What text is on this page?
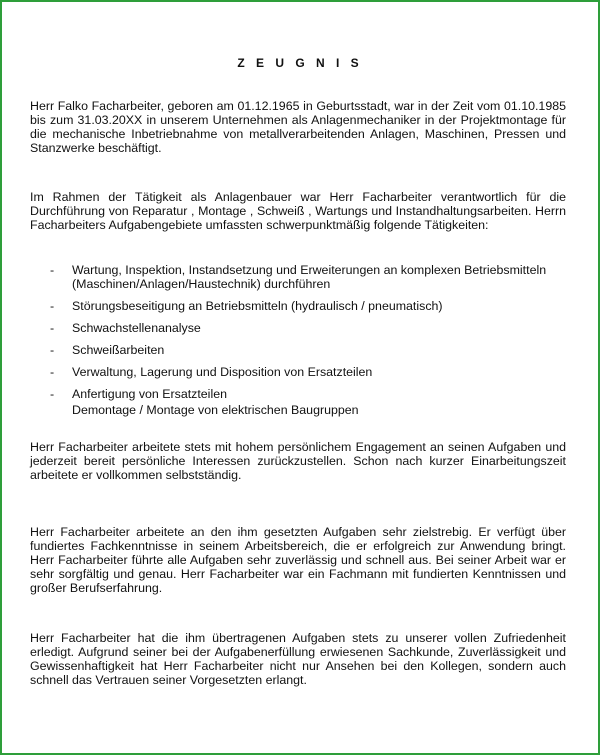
Z E U G N I S

Herr Falko Facharbeiter, geboren am 01.12.1965 in Geburtsstadt, war in der Zeit vom 01.10.1985 bis zum 31.03.20XX in unserem Unternehmen als Anlagenmechaniker in der Projektmontage für die mechanische Inbetriebnahme von metallverarbeitenden Anlagen, Maschinen, Pressen und Stanzwerke beschäftigt.

Im Rahmen der Tätigkeit als Anlagenbauer war Herr Facharbeiter verantwortlich für die Durchführung von Reparatur , Montage , Schweiß , Wartungs und Instandhaltungsarbeiten. Herrn Facharbeiters Aufgabengebiete umfassten schwerpunktmäßig folgende Tätigkeiten:

- Wartung, Inspektion, Instandsetzung und Erweiterungen an komplexen Betriebsmitteln (Maschinen/Anlagen/Haustechnik) durchführen
- Störungsbeseitigung an Betriebsmitteln (hydraulisch / pneumatisch)
- Schwachstellenanalyse
- Schweißarbeiten
- Verwaltung, Lagerung und Disposition von Ersatzteilen
- Anfertigung von Ersatzteilen
Demontage / Montage von elektrischen Baugruppen

Herr Facharbeiter arbeitete stets mit hohem persönlichem Engagement an seinen Aufgaben und jederzeit bereit persönliche Interessen zurückzustellen. Schon nach kurzer Einarbeitungszeit arbeitete er vollkommen selbstständig.

Herr Facharbeiter arbeitete an den ihm gesetzten Aufgaben sehr zielstrebig. Er verfügt über fundiertes Fachkenntnisse in seinem Arbeitsbereich, die er erfolgreich zur Anwendung bringt. Herr Facharbeiter führte alle Aufgaben sehr zuverlässig und schnell aus. Bei seiner Arbeit war er sehr sorgfältig und genau. Herr Facharbeiter war ein Fachmann mit fundierten Kenntnissen und großer Berufserfahrung.

Herr Facharbeiter hat die ihm übertragenen Aufgaben stets zu unserer vollen Zufriedenheit erledigt. Aufgrund seiner bei der Aufgabenerfüllung erwiesenen Sachkunde, Zuverlässigkeit und Gewissenhaftigkeit hat Herr Facharbeiter nicht nur Ansehen bei den Kollegen, sondern auch schnell das Vertrauen seiner Vorgesetzten erlangt.
